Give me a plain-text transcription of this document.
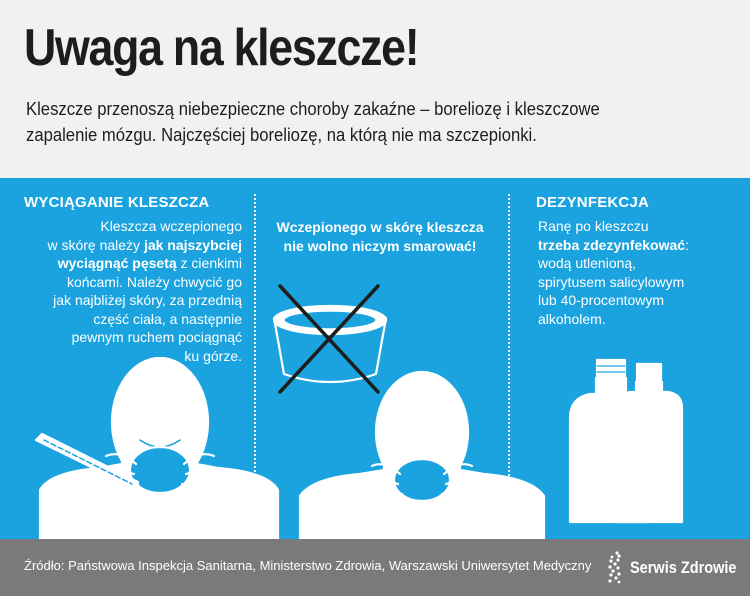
Uwaga na kleszcze!
Kleszcze przenoszą niebezpieczne choroby zakaźne – boreliozę i kleszczowe
zapalenie mózgu. Najczęściej boreliozę, na którą nie ma szczepionki.
WYCIĄGANIE KLESZCZA
Kleszcza wczepionego
w skórę należy jak najszybciej
wyciągnąć pęsetą z cienkimi
końcami. Należy chwycić go
jak najbliżej skóry, za przednią
część ciała, a następnie
pewnym ruchem pociągnąć
ku górze.
Wczepionego w skórę kleszcza
nie wolno niczym smarować!
DEZYNFEKCJA
Ranę po kleszczu
trzeba zdezynfekować:
wodą utlenioną,
spirytusem salicylowym
lub 40-procentowym
alkoholem.
Źródło: Państwowa Inspekcja Sanitarna, Ministerstwo Zdrowia, Warszawski Uniwersytet Medyczny Serwis Zdrowie
